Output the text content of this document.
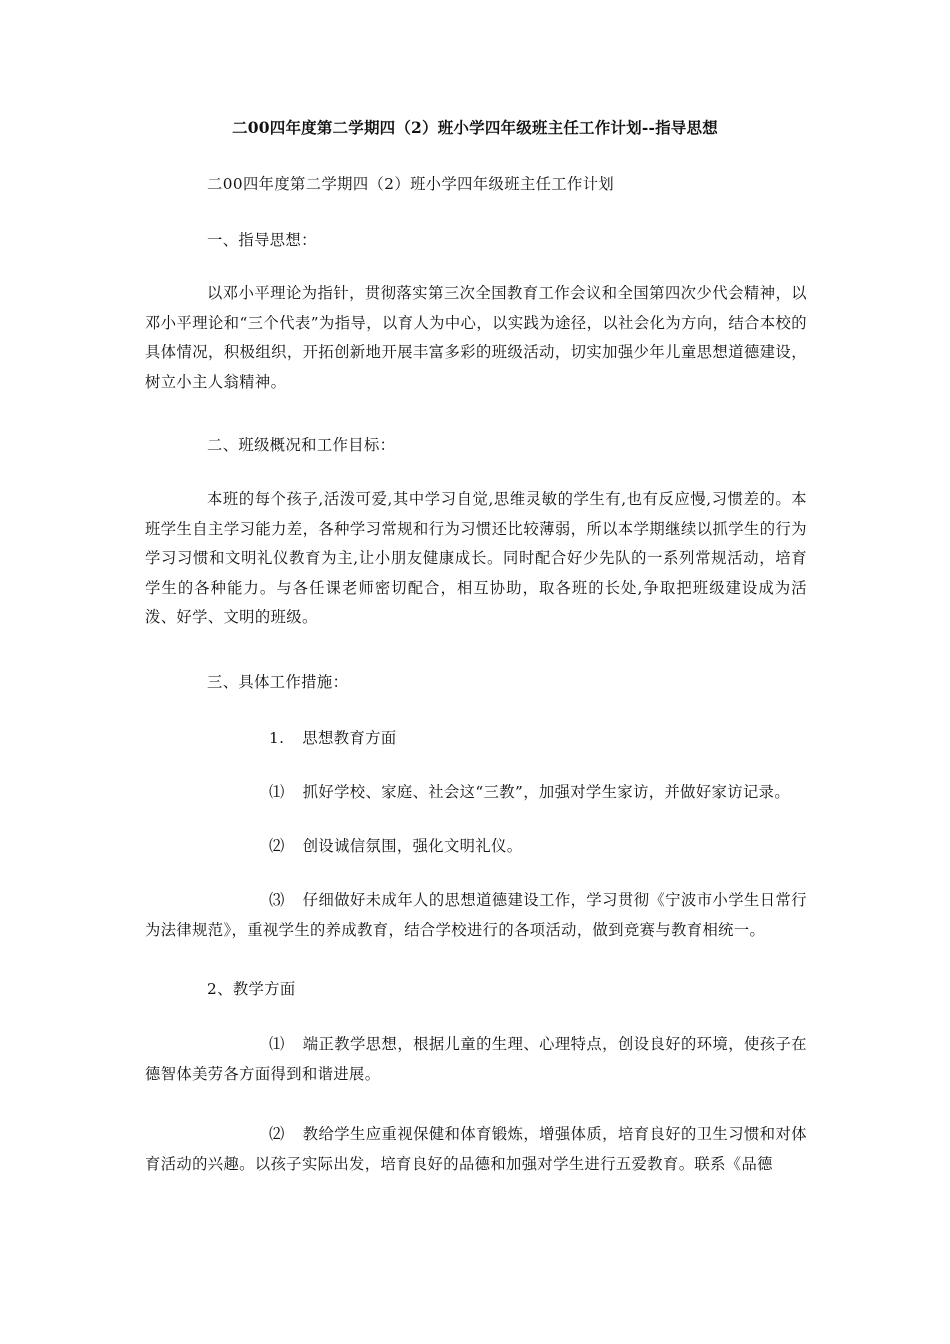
二00四年度第二学期四（2）班小学四年级班主任工作计划--指导思想

二00四年度第二学期四（2）班小学四年级班主任工作计划

一、指导思想：

以邓小平理论为指针，贯彻落实第三次全国教育工作会议和全国第四次少代会精神，以邓小平理论和“三个代表”为指导，以育人为中心，以实践为途径，以社会化为方向，结合本校的具体情况，积极组织，开拓创新地开展丰富多彩的班级活动，切实加强少年儿童思想道德建设，树立小主人翁精神。

二、班级概况和工作目标：

本班的每个孩子,活泼可爱,其中学习自觉,思维灵敏的学生有,也有反应慢,习惯差的。本班学生自主学习能力差，各种学习常规和行为习惯还比较薄弱，所以本学期继续以抓学生的行为学习习惯和文明礼仪教育为主,让小朋友健康成长。同时配合好少先队的一系列常规活动，培育学生的各种能力。与各任课老师密切配合，相互协助，取各班的长处,争取把班级建设成为活泼、好学、文明的班级。

三、具体工作措施：

1. 思想教育方面

⑴ 抓好学校、家庭、社会这“三教”，加强对学生家访，并做好家访记录。

⑵ 创设诚信氛围，强化文明礼仪。

⑶ 仔细做好未成年人的思想道德建设工作，学习贯彻《宁波市小学生日常行为法律规范》，重视学生的养成教育，结合学校进行的各项活动，做到竞赛与教育相统一。

2、教学方面

⑴ 端正教学思想，根据儿童的生理、心理特点，创设良好的环境，使孩子在德智体美劳各方面得到和谐进展。

⑵ 教给学生应重视保健和体育锻炼，增强体质，培育良好的卫生习惯和对体育活动的兴趣。以孩子实际出发，培育良好的品德和加强对学生进行五爱教育。联系《品德
